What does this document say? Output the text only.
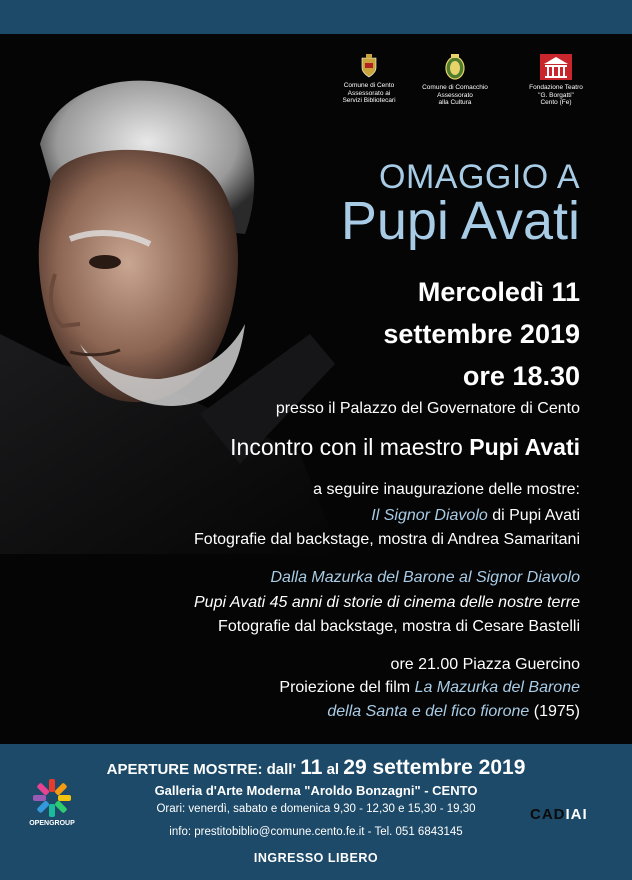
Comune di Cento
Assessorato ai
Servizi Bibliotecari
Comune di Comacchio
Assessorato
alla Cultura
Fondazione Teatro
"G. Borgatti"
Cento (Fe)
OMAGGIO A
Pupi Avati
Mercoledì 11
settembre 2019
ore 18.30
presso il Palazzo del Governatore di Cento
Incontro con il maestro Pupi Avati
a seguire inaugurazione delle mostre:
Il Signor Diavolo di Pupi Avati
Fotografie dal backstage, mostra di Andrea Samaritani
Dalla Mazurka del Barone al Signor Diavolo
Pupi Avati 45 anni di storie di cinema delle nostre terre
Fotografie dal backstage, mostra di Cesare Bastelli
ore 21.00 Piazza Guercino
Proiezione del film La Mazurka del Barone
della Santa e del fico fiorone (1975)
APERTURE MOSTRE: dall' 11 al 29 settembre 2019
Galleria d'Arte Moderna "Aroldo Bonzagni" - CENTO
Orari: venerdì, sabato e domenica 9,30 - 12,30 e 15,30 - 19,30
info: prestitobiblio@comune.cento.fe.it - Tel. 051 6843145
INGRESSO LIBERO
OPENGROUP
CADIAI
